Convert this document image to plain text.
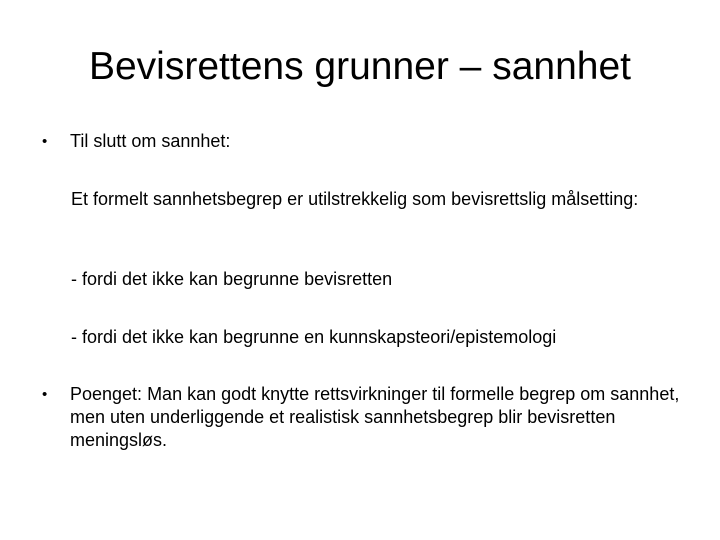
Bevisrettens grunner – sannhet
•	Til slutt om sannhet:
Et formelt sannhetsbegrep er utilstrekkelig som bevisrettslig målsetting:
- fordi det ikke kan begrunne bevisretten
- fordi det ikke kan begrunne en kunnskapsteori/epistemologi
•	Poenget: Man kan godt knytte rettsvirkninger til formelle begrep om sannhet, men uten underliggende et realistisk sannhetsbegrep blir bevisretten meningsløs.
